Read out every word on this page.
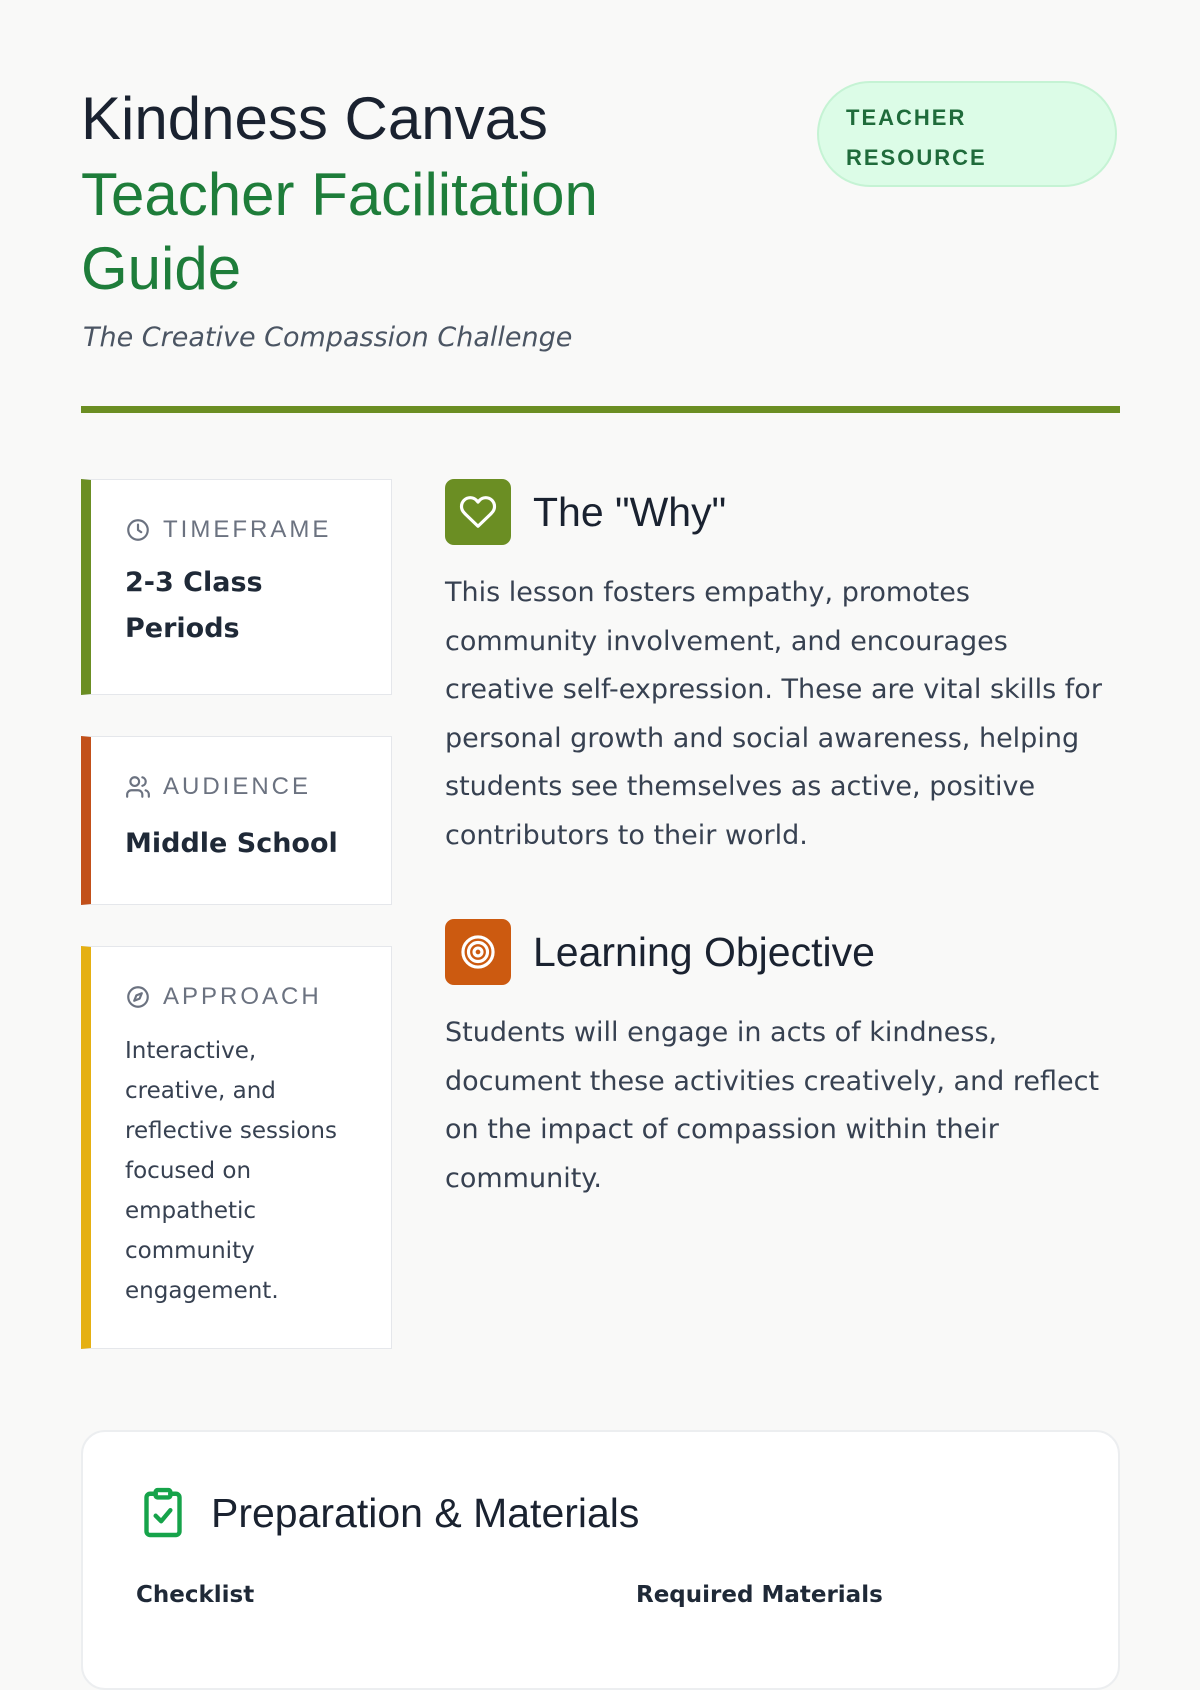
Kindness Canvas
Teacher Facilitation Guide
The Creative Compassion Challenge
TEACHER
RESOURCE
TIMEFRAME
2-3 Class Periods
AUDIENCE
Middle School
APPROACH
Interactive, creative, and reflective sessions focused on empathetic community engagement.
The "Why"

This lesson fosters empathy, promotes community involvement, and encourages creative self-expression. These are vital skills for personal growth and social awareness, helping students see themselves as active, positive contributors to their world.

Learning Objective

Students will engage in acts of kindness, document these activities creatively, and reflect on the impact of compassion within their community.

Preparation & Materials
Checklist	Required Materials
